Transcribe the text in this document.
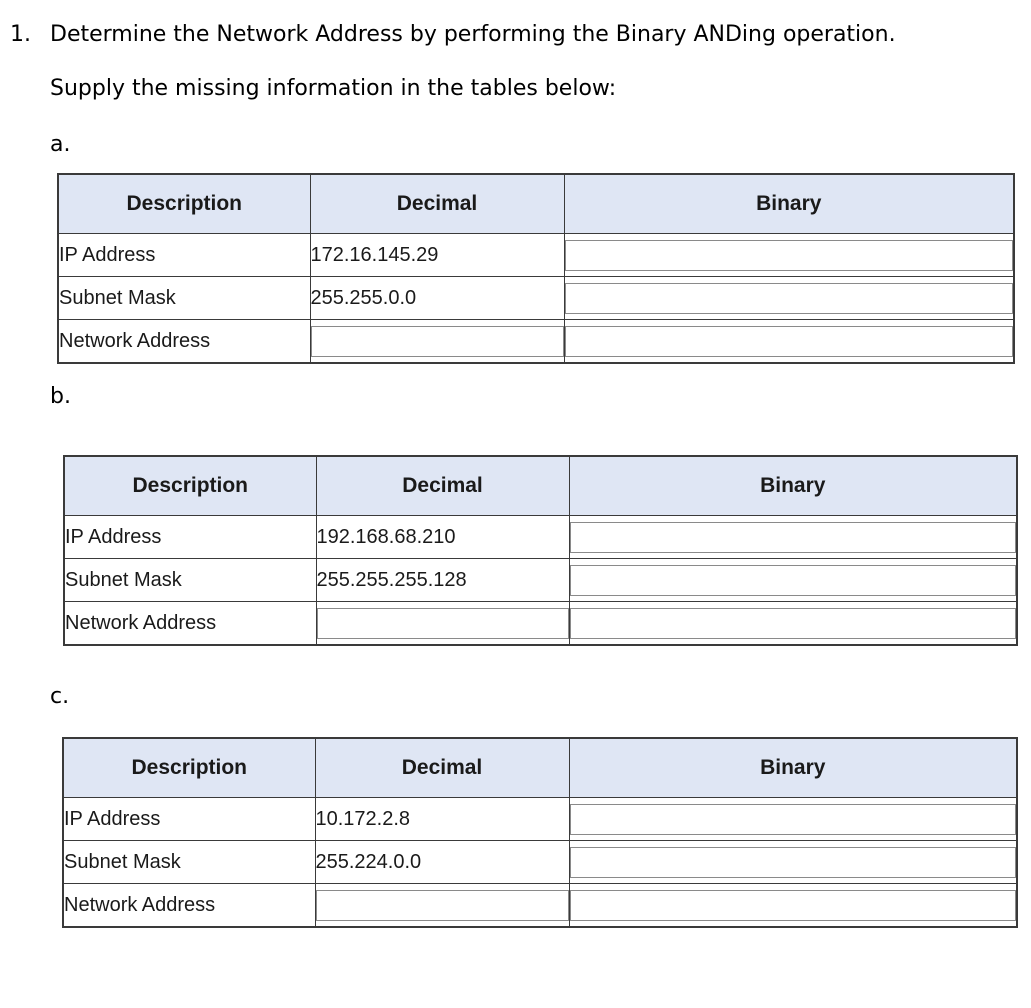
1. Determine the Network Address by performing the Binary ANDing operation.
Supply the missing information in the tables below:
a.
Description	Decimal	Binary
IP Address	172.16.145.29	

Subnet Mask	255.255.0.0	

Network Address	

b.
Description	Decimal	Binary
IP Address	192.168.68.210	

Subnet Mask	255.255.255.128	

Network Address	

c.
Description	Decimal	Binary
IP Address	10.172.2.8	

Subnet Mask	255.224.0.0	

Network Address	
